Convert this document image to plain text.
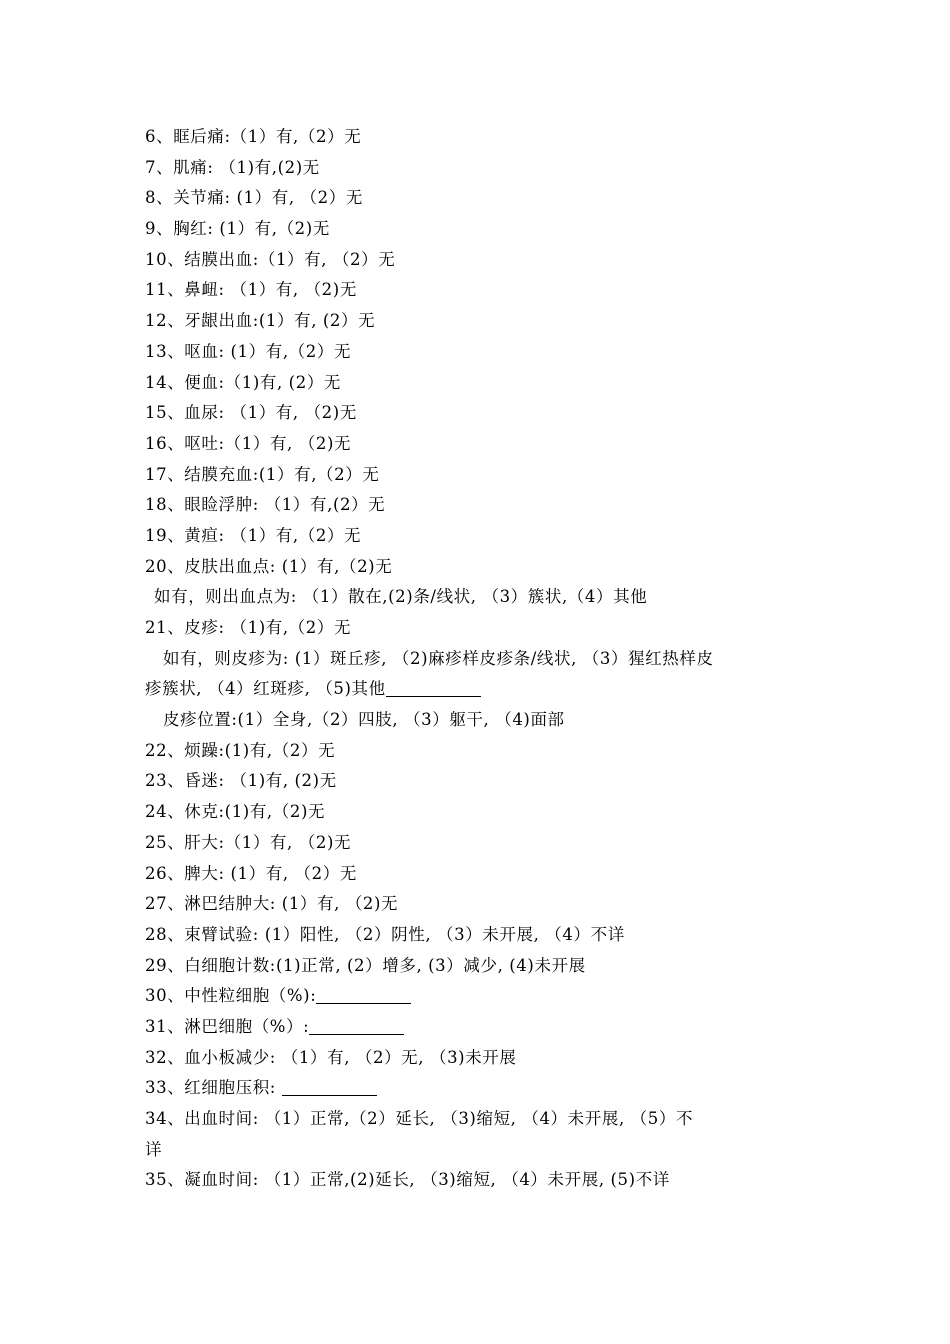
6、眶后痛:（1）有,（2）无
7、肌痛: （1)有,(2)无
8、关节痛: (1）有, （2）无
9、胸红: (1）有,（2)无
10、结膜出血:（1）有, （2）无
11、鼻衄: （1）有, （2)无
12、牙龈出血:(1）有, (2）无
13、呕血: (1）有,（2）无
14、便血:（1)有, (2）无
15、血尿: （1）有, （2)无
16、呕吐:（1）有, （2)无
17、结膜充血:(1）有,（2）无
18、眼睑浮肿: （1）有,(2）无
19、黄疸: （1）有,（2）无
20、皮肤出血点: (1）有,（2)无
如有，则出血点为: （1）散在,(2)条/线状, （3）簇状,（4）其他
21、皮疹: （1)有,（2）无
如有，则皮疹为: (1）斑丘疹, （2)麻疹样皮疹条/线状, （3）猩红热样皮
疹簇状, （4）红斑疹, （5)其他
皮疹位置:(1）全身,（2）四肢, （3）躯干, （4)面部
22、烦躁:(1)有,（2）无
23、昏迷: （1)有, (2)无
24、休克:(1)有,（2)无
25、肝大:（1）有, （2)无
26、脾大: (1）有, （2）无
27、淋巴结肿大: (1）有, （2)无
28、束臂试验: (1）阳性, （2）阴性, （3）未开展, （4）不详
29、白细胞计数:(1)正常, (2）增多, (3）减少, (4)未开展
30、中性粒细胞（%):
31、淋巴细胞（%）:
32、血小板减少: （1）有, （2）无, （3)未开展
33、红细胞压积:
34、出血时间: （1）正常,（2）延长, （3)缩短, （4）未开展, （5）不
详
35、凝血时间: （1）正常,(2)延长, （3)缩短, （4）未开展, (5)不详
